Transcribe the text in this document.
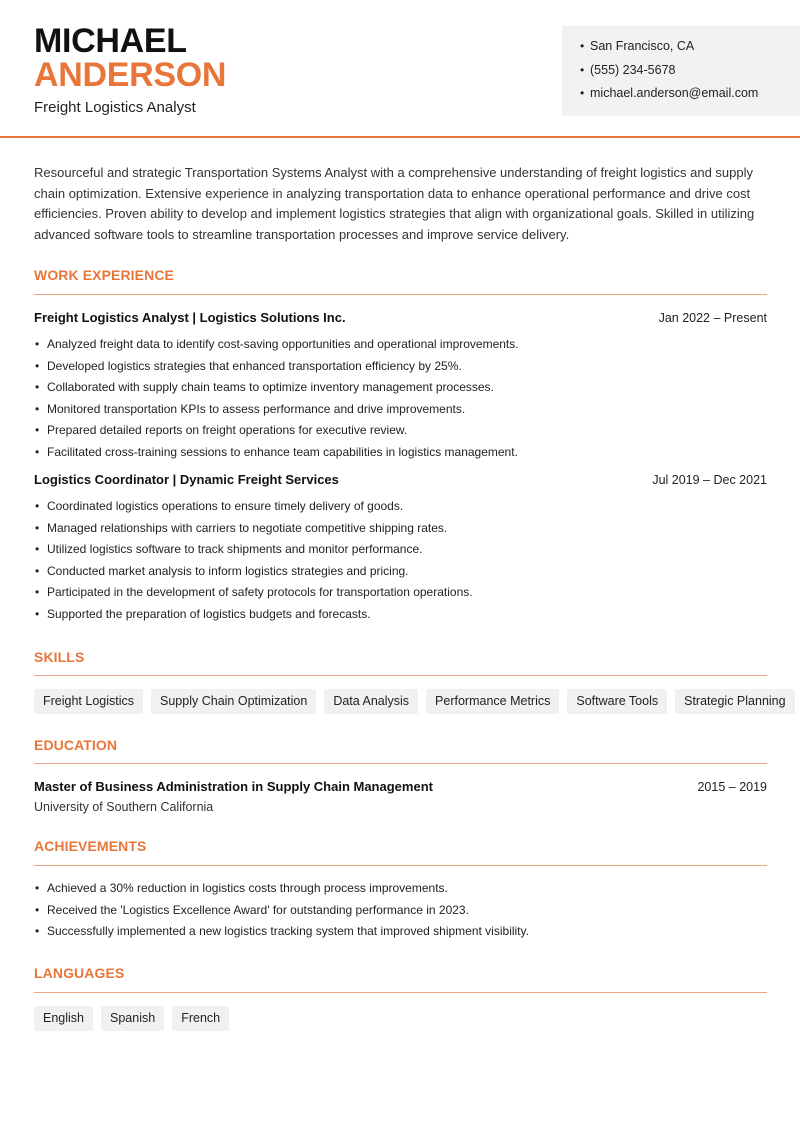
MICHAEL
ANDERSON
Freight Logistics Analyst
• San Francisco, CA
• (555) 234-5678
• michael.anderson@email.com

Resourceful and strategic Transportation Systems Analyst with a comprehensive understanding of freight logistics and supply chain optimization. Extensive experience in analyzing transportation data to enhance operational performance and drive cost efficiencies. Proven ability to develop and implement logistics strategies that align with organizational goals. Skilled in utilizing advanced software tools to streamline transportation processes and improve service delivery.

WORK EXPERIENCE
Freight Logistics Analyst | Logistics Solutions Inc.	Jan 2022 – Present
• Analyzed freight data to identify cost-saving opportunities and operational improvements.
• Developed logistics strategies that enhanced transportation efficiency by 25%.
• Collaborated with supply chain teams to optimize inventory management processes.
• Monitored transportation KPIs to assess performance and drive improvements.
• Prepared detailed reports on freight operations for executive review.
• Facilitated cross-training sessions to enhance team capabilities in logistics management.
Logistics Coordinator | Dynamic Freight Services	Jul 2019 – Dec 2021
• Coordinated logistics operations to ensure timely delivery of goods.
• Managed relationships with carriers to negotiate competitive shipping rates.
• Utilized logistics software to track shipments and monitor performance.
• Conducted market analysis to inform logistics strategies and pricing.
• Participated in the development of safety protocols for transportation operations.
• Supported the preparation of logistics budgets and forecasts.
SKILLS
Freight Logistics	Supply Chain Optimization	Data Analysis	Performance Metrics	Software Tools	Strategic Planning
EDUCATION
Master of Business Administration in Supply Chain Management	2015 – 2019
University of Southern California
ACHIEVEMENTS
• Achieved a 30% reduction in logistics costs through process improvements.
• Received the 'Logistics Excellence Award' for outstanding performance in 2023.
• Successfully implemented a new logistics tracking system that improved shipment visibility.
LANGUAGES
English	Spanish	French
